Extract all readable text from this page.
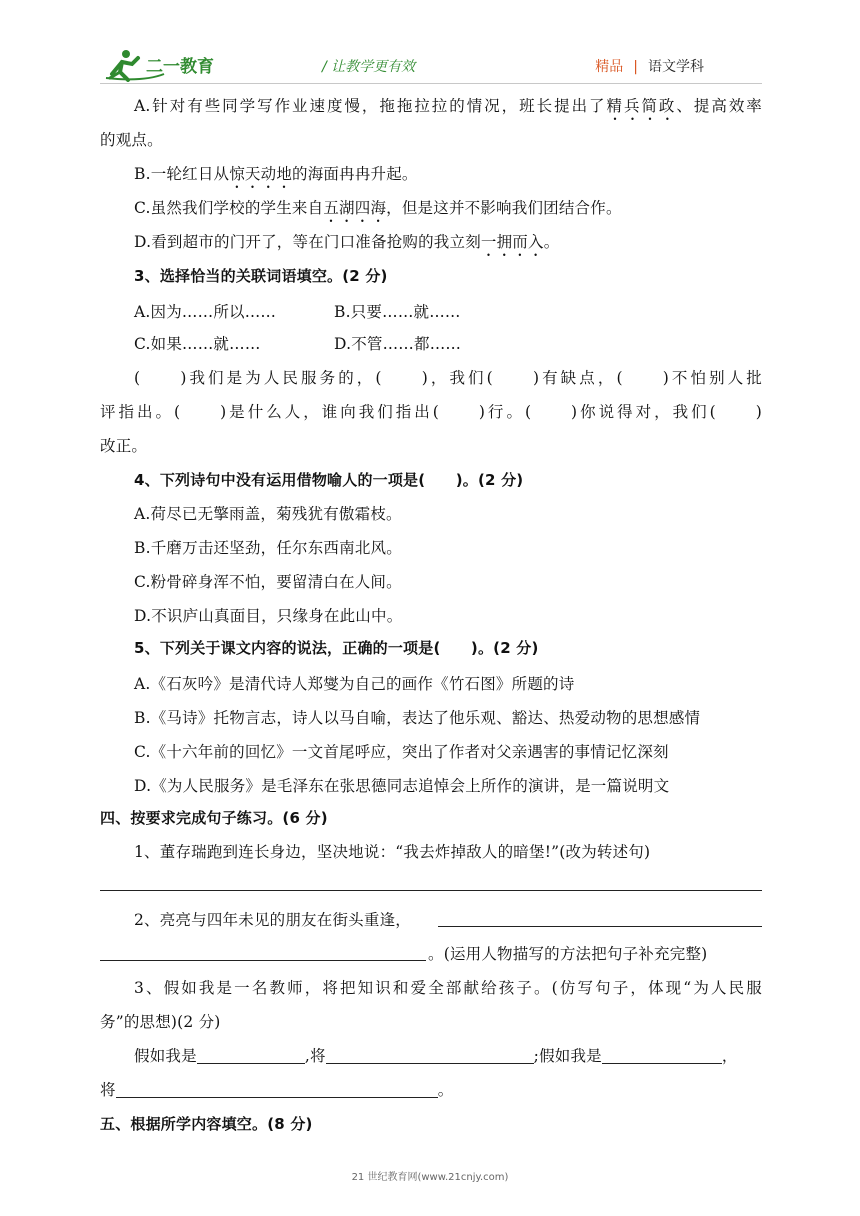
二一教育	/ 让教学更有效	精品 | 语文学科
A.针对有些同学写作业速度慢，拖拖拉拉的情况，班长提出了精兵简政、提高效率
的观点。
B.一轮红日从惊天动地的海面冉冉升起。
C.虽然我们学校的学生来自五湖四海，但是这并不影响我们团结合作。
D.看到超市的门开了，等在门口准备抢购的我立刻一拥而入。
3、选择恰当的关联词语填空。(2 分)
A.因为……所以……	B.只要……就……
C.如果……就……	D.不管……都……
(　　)我们是为人民服务的，(　　)，我们(　　)有缺点，(　　)不怕别人批
评指出。(　　)是什么人，谁向我们指出(　　)行。(　　)你说得对，我们(　　)
改正。
4、下列诗句中没有运用借物喻人的一项是(　　)。(2 分)
A.荷尽已无擎雨盖，菊残犹有傲霜枝。
B.千磨万击还坚劲，任尔东西南北风。
C.粉骨碎身浑不怕，要留清白在人间。
D.不识庐山真面目，只缘身在此山中。
5、下列关于课文内容的说法，正确的一项是(　　)。(2 分)
A.《石灰吟》是清代诗人郑燮为自己的画作《竹石图》所题的诗
B.《马诗》托物言志，诗人以马自喻，表达了他乐观、豁达、热爱动物的思想感情
C.《十六年前的回忆》一文首尾呼应，突出了作者对父亲遇害的事情记忆深刻
D.《为人民服务》是毛泽东在张思德同志追悼会上所作的演讲，是一篇说明文
四、按要求完成句子练习。(6 分)
1、董存瑞跑到连长身边，坚决地说：“我去炸掉敌人的暗堡!”(改为转述句)
2、亮亮与四年未见的朋友在街头重逢，
。(运用人物描写的方法把句子补充完整)
3、假如我是一名教师，将把知识和爱全部献给孩子。(仿写句子，体现“为人民服
务”的思想)(2 分)
假如我是	,将	;假如我是	，
将	。
五、根据所学内容填空。(8 分)
21 世纪教育网(www.21cnjy.com)
